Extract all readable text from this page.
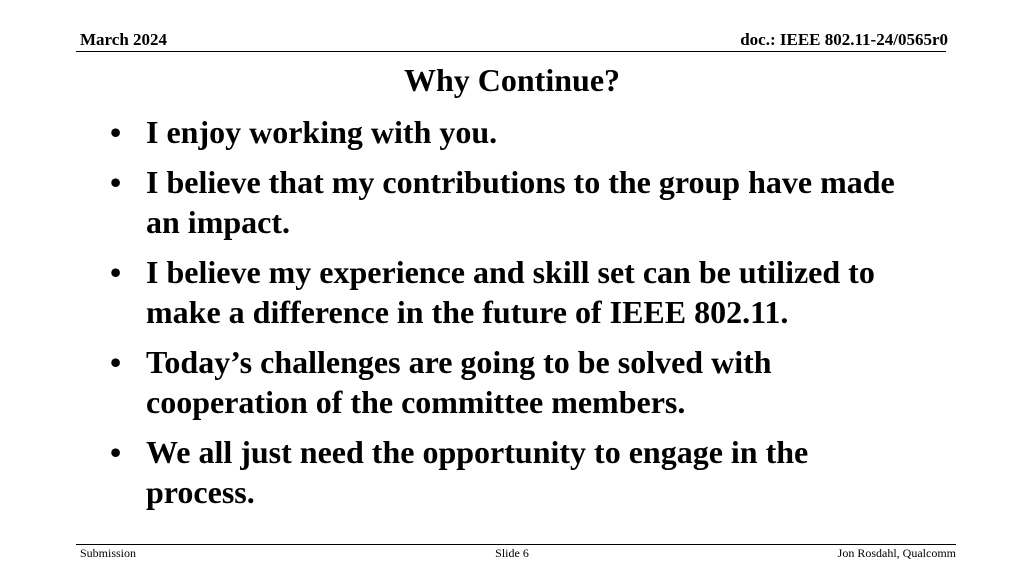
March 2024	doc.: IEEE 802.11-24/0565r0
Why Continue?
• I enjoy working with you.
• I believe that my contributions to the group have made an impact.
• I believe my experience and skill set can be utilized to make a difference in the future of IEEE 802.11.
• Today’s challenges are going to be solved with cooperation of the committee members.
• We all just need the opportunity to engage in the process.
Submission	Slide 6	Jon Rosdahl, Qualcomm
